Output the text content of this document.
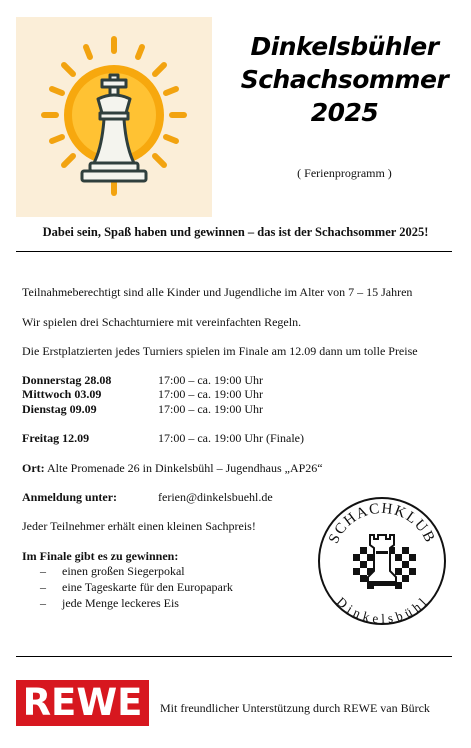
Dinkelsbühler
Schachsommer
2025
( Ferienprogramm )
Dabei sein, Spaß haben und gewinnen – das ist der Schachsommer 2025!
Teilnahmeberechtigt sind alle Kinder und Jugendliche im Alter von 7 – 15 Jahren
Wir spielen drei Schachturniere mit vereinfachten Regeln.
Die Erstplatzierten jedes Turniers spielen im Finale am 12.09 dann um tolle Preise
Donnerstag 28.08	17:00 – ca. 19:00 Uhr
Mittwoch 03.09	17:00 – ca. 19:00 Uhr
Dienstag 09.09	17:00 – ca. 19:00 Uhr
Freitag 12.09	17:00 – ca. 19:00 Uhr (Finale)
Ort: Alte Promenade 26 in Dinkelsbühl – Jugendhaus „AP26“
Anmeldung unter:	ferien@dinkelsbuehl.de
Jeder Teilnehmer erhält einen kleinen Sachpreis!
Im Finale gibt es zu gewinnen:
– einen großen Siegerpokal
– eine Tageskarte für den Europapark
– jede Menge leckeres Eis
SCHACHKLUB
Dinkelsbühl
REWE	Mit freundlicher Unterstützung durch REWE van Bürck
